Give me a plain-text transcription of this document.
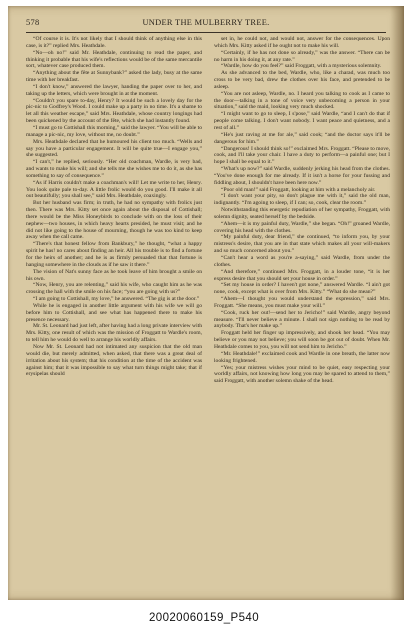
578	UNDER THE MULBERRY TREE.

“Of course it is. It's not likely that I should think of anything else in this case, is it?” replied Mrs. Heathdale.

“No—oh no!” said Mr. Heathdale, continuing to read the paper, and thinking it probable that his wife's reflections would be of the same mercantile sort, whatever case produced them.

“Anything about the fête at Sunnybank?” asked the lady, busy at the same time with her breakfast.

“I don't know,” answered the lawyer, handing the paper over to her, and taking up the letters, which were brought in at the moment.

“Couldn't you spare to-day, Henry? It would be such a lovely day for the pic-nic to Godfrey's Wood. I could make up a party in no time. It's a shame to let all this weather escape,” said Mrs. Heathdale, whose country longings had been quickened by the account of the fête, which she had instantly found.

“I must go to Cottishall this morning,” said the lawyer. “You will be able to manage a pic-nic, my love, without me, no doubt.”

Mrs. Heathdale declared that he humoured his client too much. “Wells and say you have a particular engagement. It will be quite true—I engage you,” she suggested.

“I can't,” he replied, seriously. “Her old coachman, Wardle, is very bad, and wants to make his will; and she tells me she wishes me to do it, as she has something to say of consequence.”

“As if Harris couldn't make a coachman's will! Let me write to her, Henry. You look quite pale to-day. A little frolic would do you good. I'll make it all out beautifully; you shall see,” said Mrs. Heathdale, coaxingly.

But her husband was firm; in truth, he had no sympathy with frolics just then. There was Mrs. Kitty set once again about the disposal of Cottishall; there would be the Miss Honeybirds to conclude with on the loss of their nephew—two houses, in which heavy hearts presided, he must visit; and he did not like going to the house of mourning, though he was too kind to keep away when the call came.

“There's that honest fellow from Bankbury,” he thought, “what a happy spirit he has! no cares about finding an heir. All his trouble is to find a fortune for the heirs of another; and he is as firmly persuaded that that fortune is hanging somewhere in the clouds as if he saw it there.”

The vision of Nat's sunny face as he took leave of him brought a smile on his own.

“Now, Henry, you are relenting,” said his wife, who caught him as he was crossing the hall with the smile on his face; “you are going with us?”

“I am going to Cottishall, my love,” he answered. “The gig is at the door.”

While he is engaged in another little argument with his wife we will go before him to Cottishall, and see what has happened there to make his presence necessary.

Mr. St. Leonard had just left, after having had a long private interview with Mrs. Kitty, one result of which was the mission of Froggatt to Wardle's room, to tell him he would do well to arrange his worldly affairs.

Now Mr. St. Leonard had not intimated any suspicion that the old man would die, but merely admitted, when asked, that there was a great deal of irritation about his system; that his condition at the time of the accident was against him; that it was impossible to say what turn things might take; that if erysipelas should

set in, he could not, and would not, answer for the consequences. Upon which Mrs. Kitty asked if he ought not to make his will.

“Certainly, if he has not done so already,” was the answer. “There can be no harm in his doing it, at any rate.”

“Wardle, how do you feel?” said Froggatt, with a mysterious solemnity.

As she advanced to the bed, Wardle, who, like a charad, was much too cross to be very bad, drew the clothes over his face, and pretended to be asleep.

“You are not asleep, Wardle, no. I heard you talking to cook as I came to the door—talking in a tone of voice very unbecoming a person in your situation,” said the maid, looking very much shocked.

“I might want to go to sleep, I s'pose,” said Wardle, “and I can't do that if people come talking. I don't want nobody. I want peace and quietness, and a rest of all.”

“He's just raving at me for ale,” said cook; “and the doctor says it'll be dangerous for him.”

“Dangerous! I should think so!” exclaimed Mrs. Froggatt. “Please to move, cook, and I'll take your chair. I have a duty to perform—a painful one; but I hope I shall be equal to it.”

“What's up now?” said Wardle, suddenly jerking his head from the clothes. “You've done enough for me already. If it isn't a horse for your fussing and fiddling about, I shouldn't have been here now.”

“Poor old man!” said Froggatt, looking at him with a melancholy air.

“I don't want your pity, so don't plague me with it,” said the old man, indignantly. “I'm agoing to sleep, if I can; so, cook, clear the room.”

Notwithstanding this energetic repudiation of her sympathy, Froggatt, with solemn dignity, seated herself by the bedside.

“Ahem—it is my painful duty, Wardle,” she began. “Oh!” groaned Wardle, covering his head with the clothes.

“My painful duty, dear friend,” she continued, “to inform you, by your mistress's desire, that you are in that state which makes all your will-makers and so much concerned about you.”

“Can't hear a word as you're a-saying,” said Wardle, from under the clothes.

“And therefore,” continued Mrs. Froggatt, in a louder tone, “it is her express desire that you should set your house in order.”

“Set my house in order? I haven't got none,” answered Wardle. “I ain't got none, cook, except what is over from Mrs. Kitty.” “What do she mean?”

“Ahem—I thought you would understand the expression,” said Mrs. Froggatt. “She means, you must make your will.”

“Cook, ruck her out!—send her to Jericho!” said Wardle, angry beyond measure. “I'll never believe a minute. I shall not sign nothing to be read by anybody. That's her make up.”

Froggatt held her finger up impressively, and shook her head. “You may believe or you may not believe; you will soon be got out of doubt. When Mr. Heathdale comes to you, you will not send him to Jericho.”

“Mr. Heathdale!” exclaimed cook and Wardle in one breath, the latter now looking frightened.

“Yes; your mistress wishes your mind to be quiet, easy respecting your worldly affairs, not knowing how long you may be spared to attend to them,” said Froggatt, with another solemn shake of the head.

20020060159_P540
